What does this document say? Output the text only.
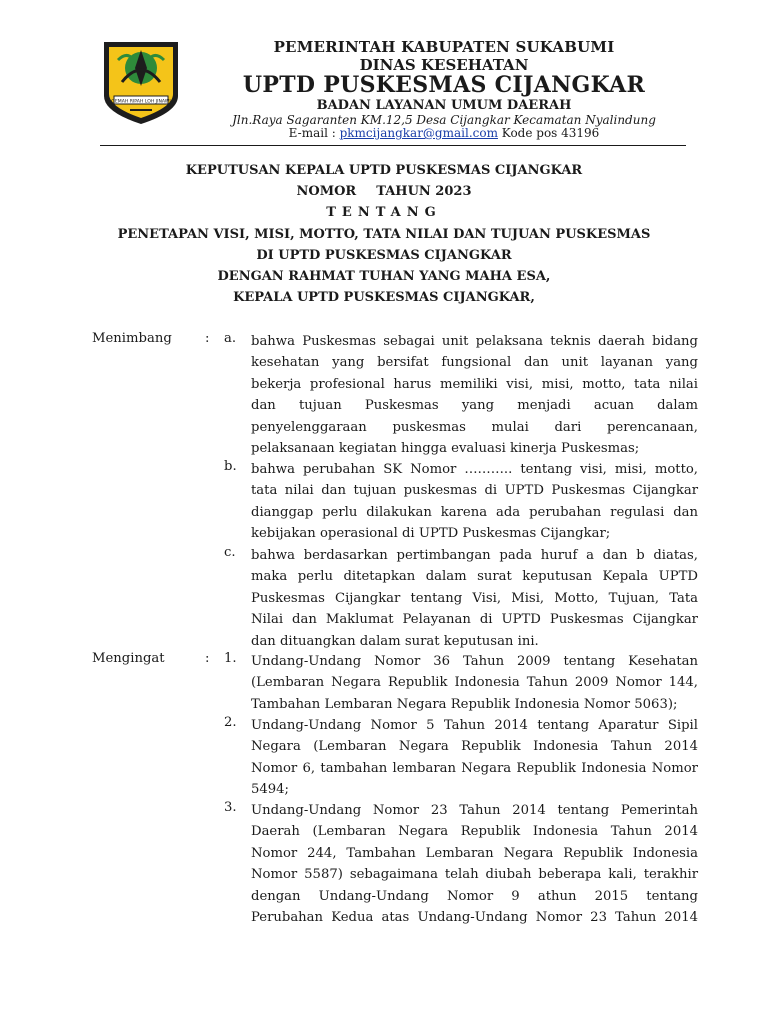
GEMAH RIPAH LOH JINAWI
PEMERINTAH KABUPATEN SUKABUMI
DINAS KESEHATAN
UPTD PUSKESMAS CIJANGKAR
BADAN LAYANAN UMUM DAERAH
Jln.Raya Sagaranten KM.12,5 Desa Cijangkar Kecamatan Nyalindung
E-mail : pkmcijangkar@gmail.com Kode pos 43196
KEPUTUSAN KEPALA UPTD PUSKESMAS CIJANGKAR
NOMOR TAHUN 2023
TENTANG
PENETAPAN VISI, MISI, MOTTO, TATA NILAI DAN TUJUAN PUSKESMAS
DI UPTD PUSKESMAS CIJANGKAR
DENGAN RAHMAT TUHAN YANG MAHA ESA,
KEPALA UPTD PUSKESMAS CIJANGKAR,
Menimbang	: a. bahwa Puskesmas sebagai unit pelaksana teknis daerah bidang
kesehatan yang bersifat fungsional dan unit layanan yang
bekerja profesional harus memiliki visi, misi, motto, tata nilai
dan tujuan Puskesmas yang menjadi acuan dalam
penyelenggaraan puskesmas mulai dari perencanaan,
pelaksanaan kegiatan hingga evaluasi kinerja Puskesmas;
b. bahwa perubahan SK Nomor ……….. tentang visi, misi, motto,
tata nilai dan tujuan puskesmas di UPTD Puskesmas Cijangkar
dianggap perlu dilakukan karena ada perubahan regulasi dan
kebijakan operasional di UPTD Puskesmas Cijangkar;
c. bahwa berdasarkan pertimbangan pada huruf a dan b diatas,
maka perlu ditetapkan dalam surat keputusan Kepala UPTD
Puskesmas Cijangkar tentang Visi, Misi, Motto, Tujuan, Tata
Nilai dan Maklumat Pelayanan di UPTD Puskesmas Cijangkar
dan dituangkan dalam surat keputusan ini.
Mengingat	: 1. Undang-Undang Nomor 36 Tahun 2009 tentang Kesehatan
(Lembaran Negara Republik Indonesia Tahun 2009 Nomor 144,
Tambahan Lembaran Negara Republik Indonesia Nomor 5063);
2. Undang-Undang Nomor 5 Tahun 2014 tentang Aparatur Sipil
Negara (Lembaran Negara Republik Indonesia Tahun 2014
Nomor 6, tambahan lembaran Negara Republik Indonesia Nomor
5494;
3. Undang-Undang Nomor 23 Tahun 2014 tentang Pemerintah
Daerah (Lembaran Negara Republik Indonesia Tahun 2014
Nomor 244, Tambahan Lembaran Negara Republik Indonesia
Nomor 5587) sebagaimana telah diubah beberapa kali, terakhir
dengan Undang-Undang Nomor 9 athun 2015 tentang
Perubahan Kedua atas Undang-Undang Nomor 23 Tahun 2014
